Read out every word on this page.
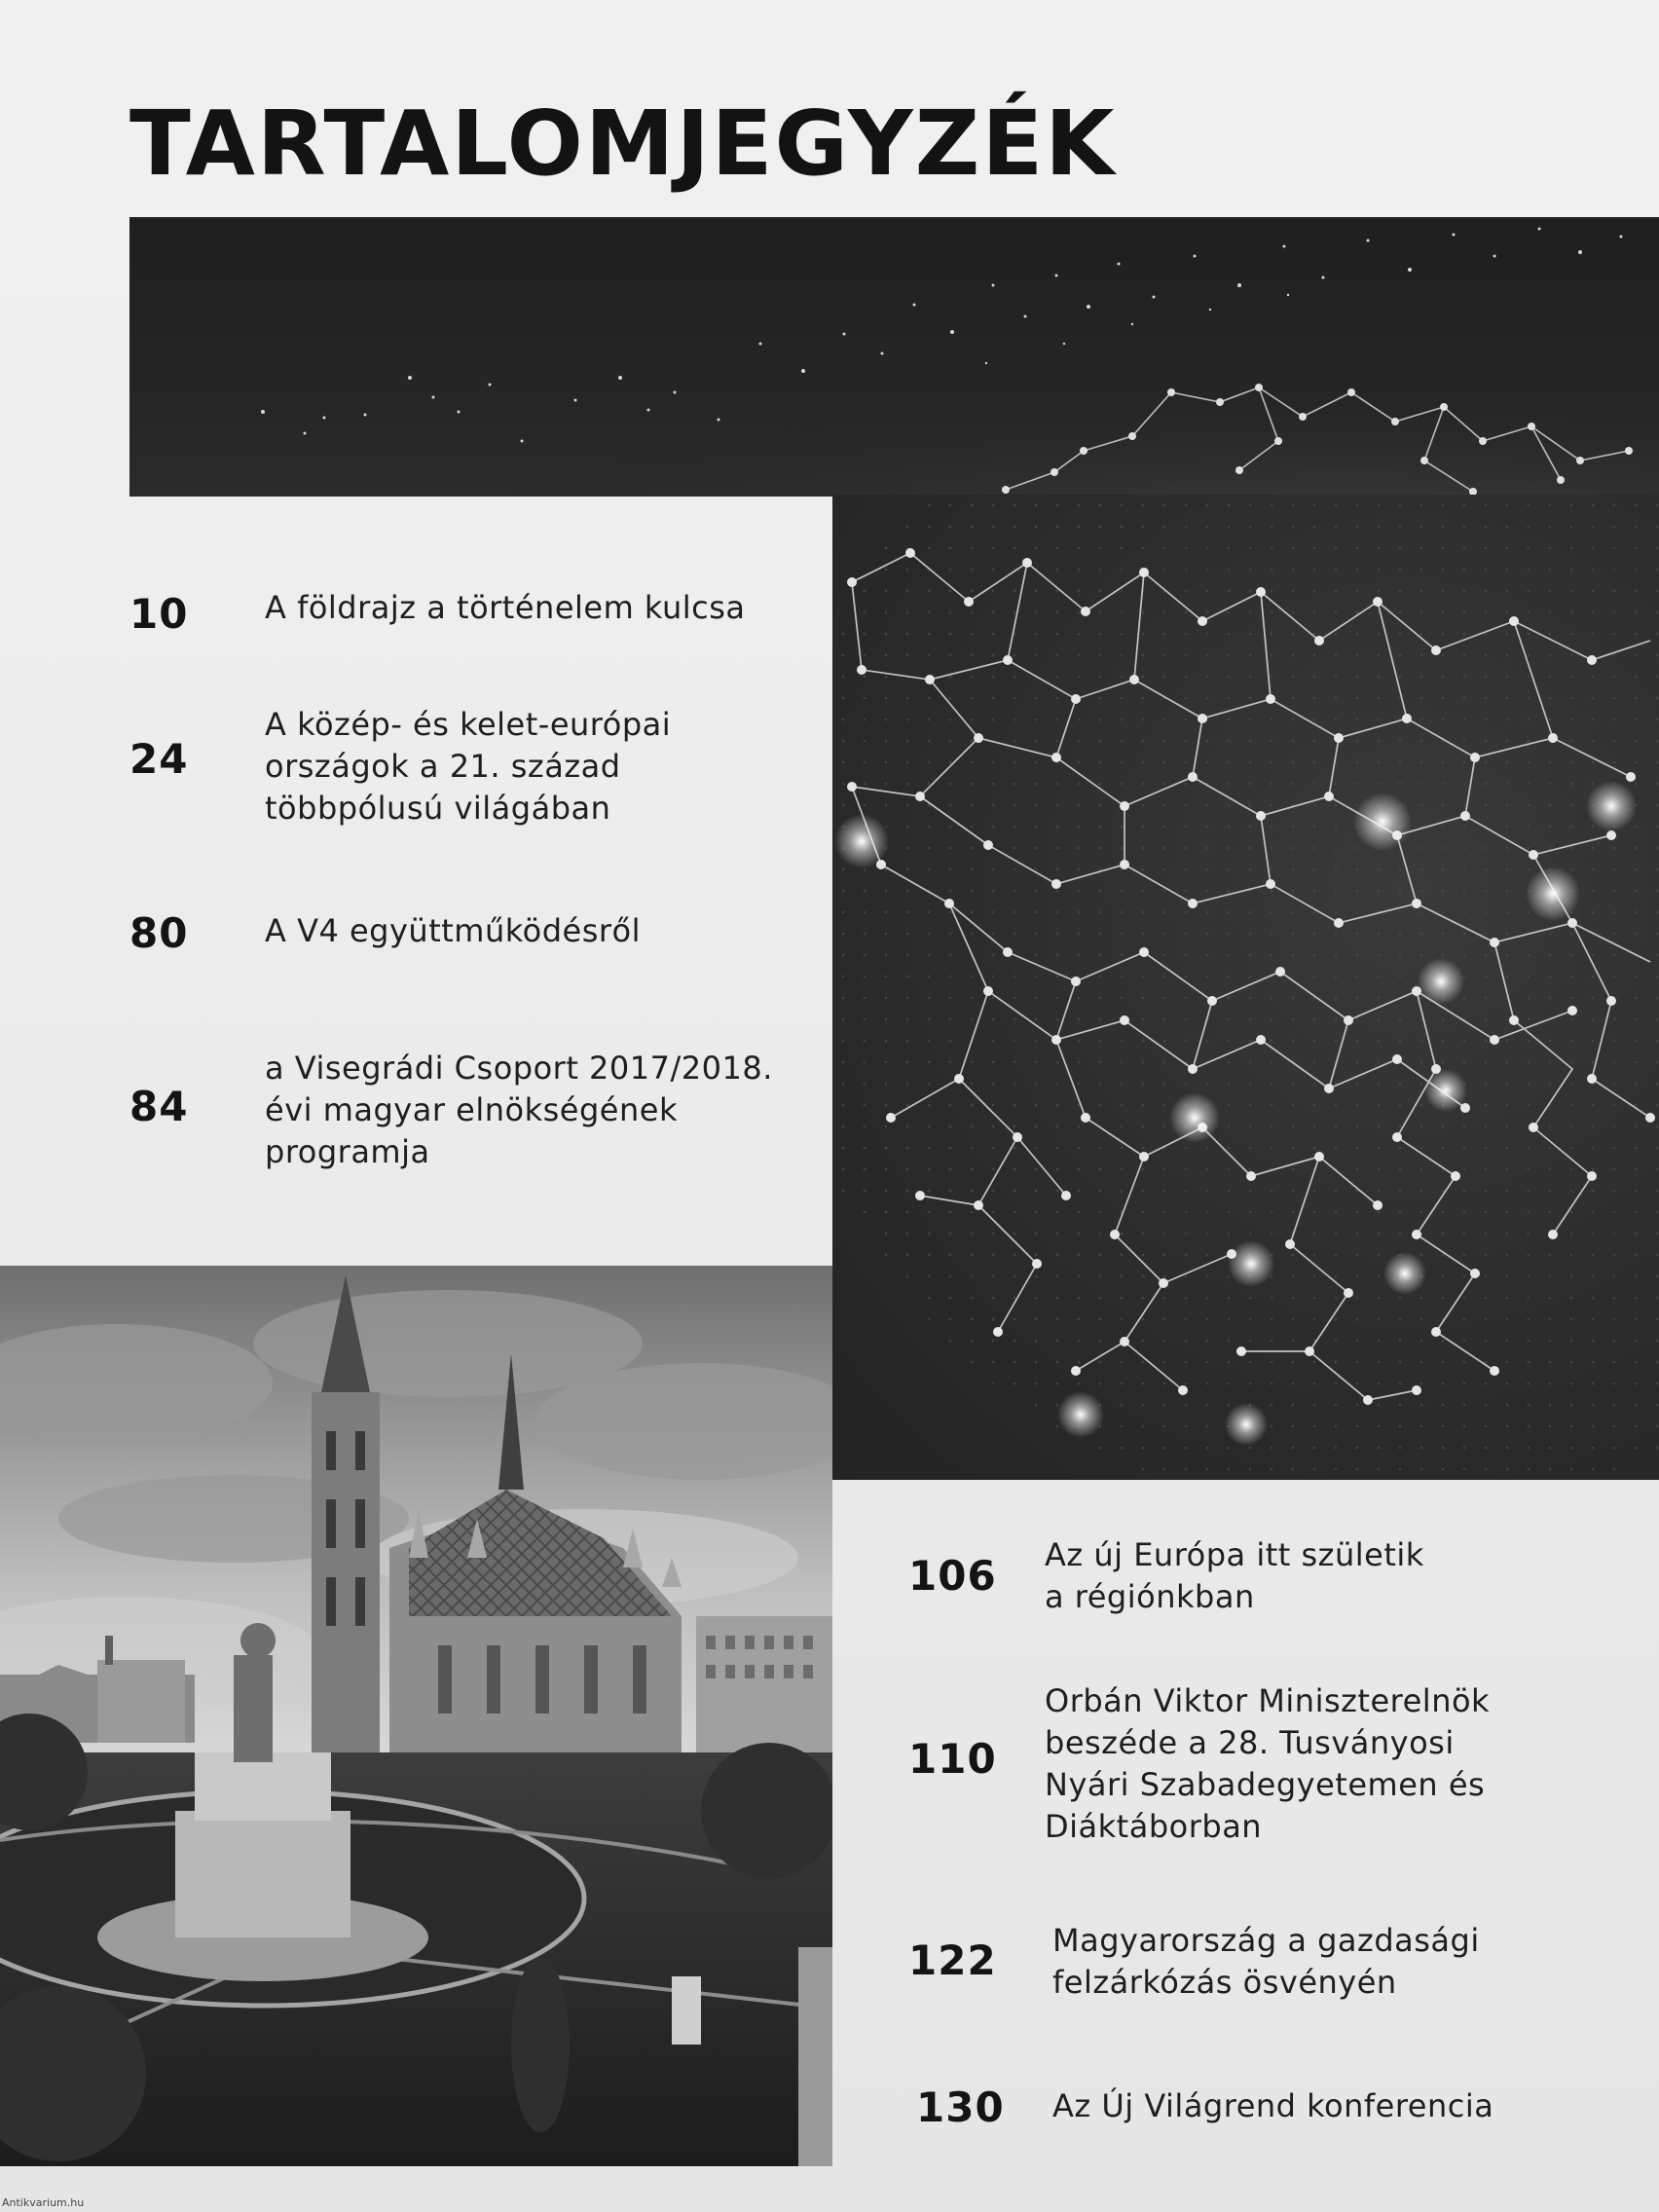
TARTALOMJEGYZÉK
10 A földrajz a történelem kulcsa
24
A közép- és kelet-európai
országok a 21. század
többpólusú világában
80 A V4 együttműködésről
84
a Visegrádi Csoport 2017/2018.
évi magyar elnökségének
programja
106 Az új Európa itt születik
a régiónkban
110
Orbán Viktor Miniszterelnök
beszéde a 28. Tusványosi
Nyári Szabadegyetemen és
Diáktáborban
122 Magyarország a gazdasági
felzárkózás ösvényén
130 Az Új Világrend konferencia
Antikvarium.hu
